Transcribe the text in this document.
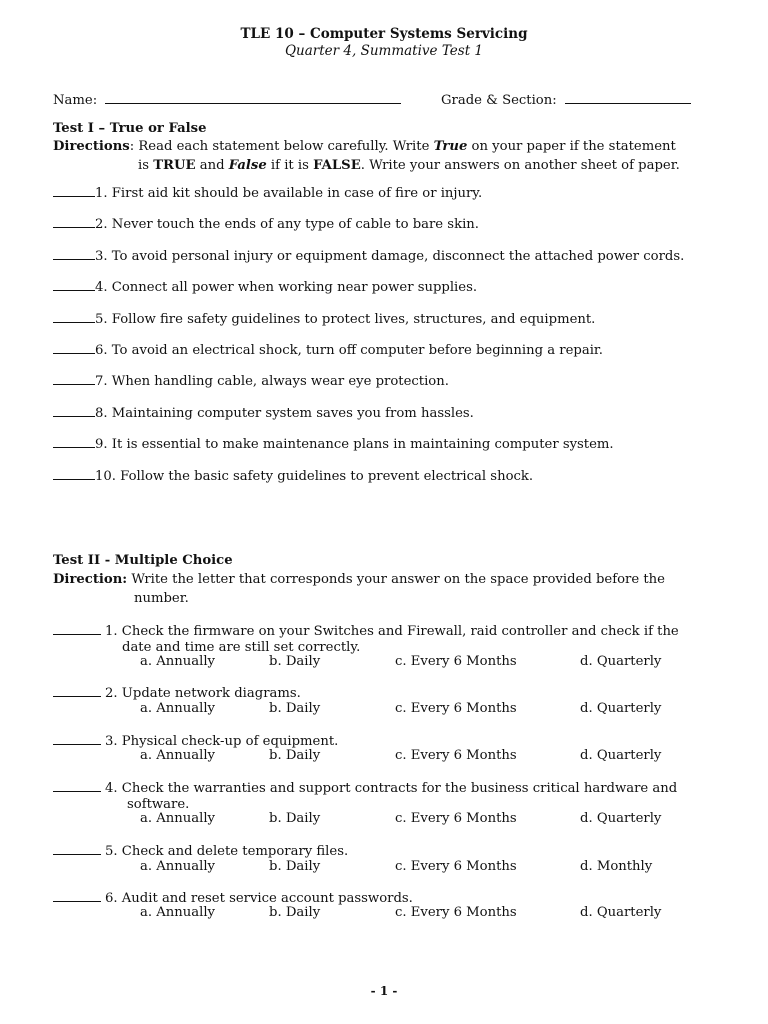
TLE 10 – Computer Systems Servicing
Quarter 4, Summative Test 1
Name:	Grade & Section:
Test I – True or False
Directions: Read each statement below carefully. Write True on your paper if the statement
is TRUE and False if it is FALSE. Write your answers on another sheet of paper.
1. First aid kit should be available in case of fire or injury.
2. Never touch the ends of any type of cable to bare skin.
3. To avoid personal injury or equipment damage, disconnect the attached power cords.
4. Connect all power when working near power supplies.
5. Follow fire safety guidelines to protect lives, structures, and equipment.
6. To avoid an electrical shock, turn off computer before beginning a repair.
7. When handling cable, always wear eye protection.
8. Maintaining computer system saves you from hassles.
9. It is essential to make maintenance plans in maintaining computer system.
10. Follow the basic safety guidelines to prevent electrical shock.
Test II - Multiple Choice
Direction: Write the letter that corresponds your answer on the space provided before the
number.
1. Check the firmware on your Switches and Firewall, raid controller and check if the
date and time are still set correctly.
a. Annually	b. Daily	c. Every 6 Months	d. Quarterly
2. Update network diagrams.
a. Annually	b. Daily	c. Every 6 Months	d. Quarterly
3. Physical check-up of equipment.
a. Annually	b. Daily	c. Every 6 Months	d. Quarterly
4. Check the warranties and support contracts for the business critical hardware and
software.
a. Annually	b. Daily	c. Every 6 Months	d. Quarterly
5. Check and delete temporary files.
a. Annually	b. Daily	c. Every 6 Months	d. Monthly
6. Audit and reset service account passwords.
a. Annually	b. Daily	c. Every 6 Months	d. Quarterly
- 1 -
